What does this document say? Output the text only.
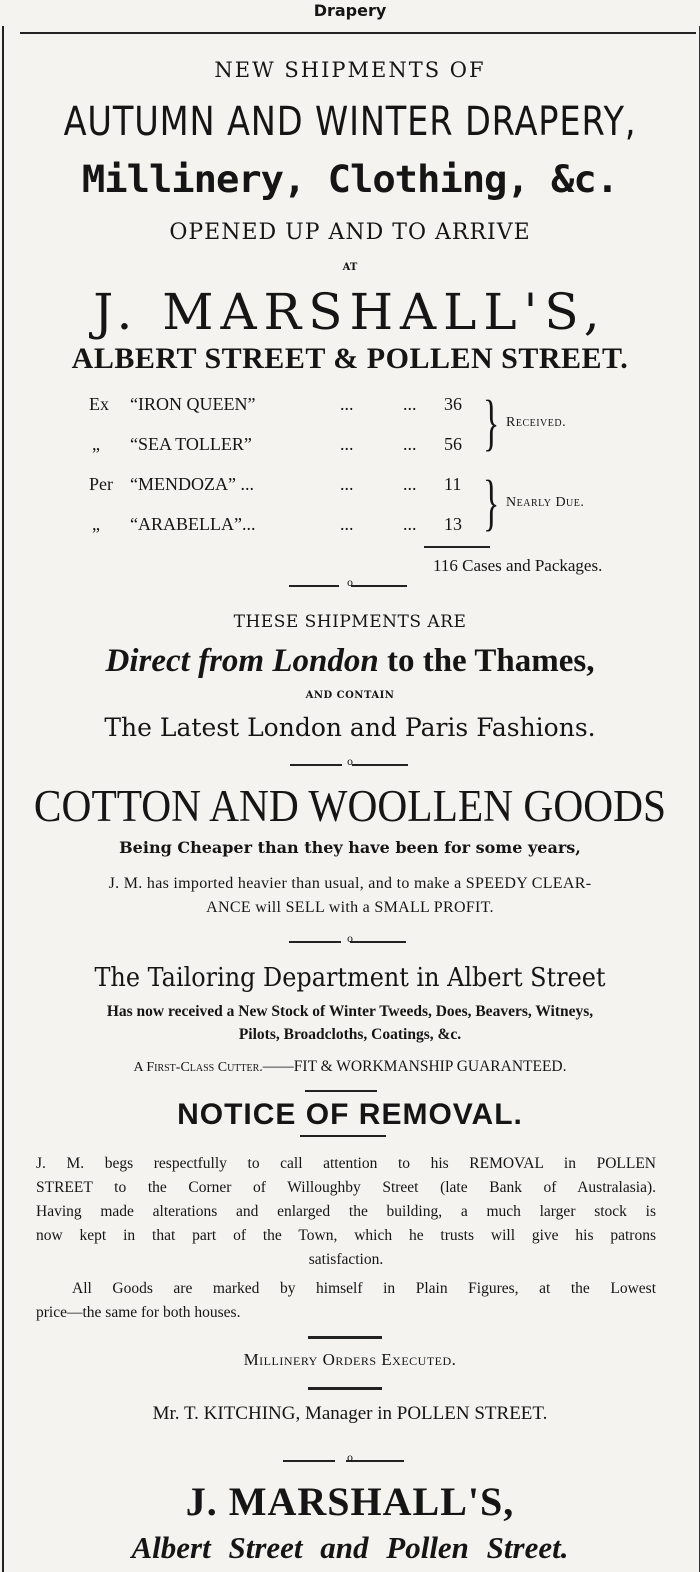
Drapery
NEW SHIPMENTS OF
AUTUMN AND WINTER DRAPERY,
Millinery, Clothing, &c.
OPENED UP AND TO ARRIVE
AT
J. MARSHALL'S,
ALBERT STREET & POLLEN STREET.
Ex “IRON QUEEN”	...	... 36
„ “SEA TOLLER”	...	... 56
Per “MENDOZA” ...	...	... 11
„ “ARABELLA”...	...	... 13
} Received.
} Nearly Due.
116 Cases and Packages.
o
THESE SHIPMENTS ARE
Direct from London to the Thames,
AND CONTAIN
The Latest London and Paris Fashions.
o
COTTON AND WOOLLEN GOODS
Being Cheaper than they have been for some years,
J. M. has imported heavier than usual, and to make a SPEEDY CLEAR-
ANCE will SELL with a SMALL PROFIT.
o
The Tailoring Department in Albert Street
Has now received a New Stock of Winter Tweeds, Does, Beavers, Witneys,
Pilots, Broadcloths, Coatings, &c.
A First-Class Cutter.——FIT & WORKMANSHIP GUARANTEED.
NOTICE OF REMOVAL.
J. M. begs respectfully to call attention to his REMOVAL in POLLEN
STREET to the Corner of Willoughby Street (late Bank of Australasia).
Having made alterations and enlarged the building, a much larger stock is
now kept in that part of the Town, which he trusts will give his patrons
satisfaction.
All Goods are marked by himself in Plain Figures, at the Lowest
price—the same for both houses.
Millinery Orders Executed.
Mr. T. KITCHING, Manager in POLLEN STREET.
o
J. MARSHALL'S,
Albert Street and Pollen Street.
